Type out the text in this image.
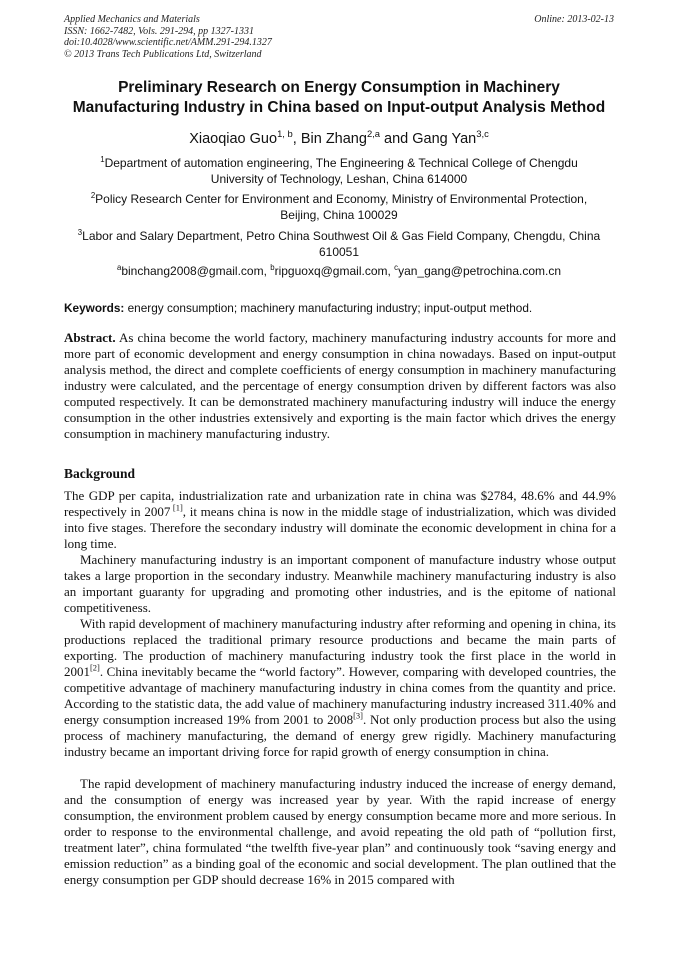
Applied Mechanics and Materials
ISSN: 1662-7482, Vols. 291-294, pp 1327-1331
doi:10.4028/www.scientific.net/AMM.291-294.1327
© 2013 Trans Tech Publications Ltd, Switzerland
Online: 2013-02-13
Preliminary Research on Energy Consumption in Machinery
Manufacturing Industry in China based on Input-output Analysis Method
Xiaoqiao Guo$^{1, b}$, Bin Zhang$^{2,a}$ and Gang Yan$^{3,c}$
$^1$Department of automation engineering, The Engineering & Technical College of Chengdu
University of Technology, Leshan, China 614000
$^2$Policy Research Center for Environment and Economy, Ministry of Environmental Protection,
Beijing, China 100029
$^3$Labor and Salary Department, Petro China Southwest Oil & Gas Field Company, Chengdu, China
610051
$^a$binchang2008@gmail.com, $^b$ripguoxq@gmail.com, $^c$yan_gang@petrochina.com.cn
Keywords: energy consumption; machinery manufacturing industry; input-output method.

Abstract. As china become the world factory, machinery manufacturing industry accounts for more and more part of economic development and energy consumption in china nowadays. Based on input-output analysis method, the direct and complete coefficients of energy consumption in machinery manufacturing industry were calculated, and the percentage of energy consumption driven by different factors was also computed respectively. It can be demonstrated machinery manufacturing industry will induce the energy consumption in the other industries extensively and exporting is the main factor which drives the energy consumption in machinery manufacturing industry.

Background

The GDP per capita, industrialization rate and urbanization rate in china was $2784, 48.6% and 44.9% respectively in 2007 [1], it means china is now in the middle stage of industrialization, which was divided into five stages. Therefore the secondary industry will dominate the economic development in china for a long time.

Machinery manufacturing industry is an important component of manufacture industry whose output takes a large proportion in the secondary industry. Meanwhile machinery manufacturing industry is also an important guaranty for upgrading and promoting other industries, and is the epitome of national competitiveness.

With rapid development of machinery manufacturing industry after reforming and opening in china, its productions replaced the traditional primary resource productions and became the main parts of exporting. The production of machinery manufacturing industry took the first place in the world in 2001[2]. China inevitably became the “world factory”. However, comparing with developed countries, the competitive advantage of machinery manufacturing industry in china comes from the quantity and price. According to the statistic data, the add value of machinery manufacturing industry increased 311.40% and energy consumption increased 19% from 2001 to 2008[3]. Not only production process but also the using process of machinery manufacturing, the demand of energy grew rigidly. Machinery manufacturing industry became an important driving force for rapid growth of energy consumption in china.

The rapid development of machinery manufacturing industry induced the increase of energy demand, and the consumption of energy was increased year by year. With the rapid increase of energy consumption, the environment problem caused by energy consumption became more and more serious. In order to response to the environmental challenge, and avoid repeating the old path of “pollution first, treatment later”, china formulated “the twelfth five-year plan” and continuously took “saving energy and emission reduction” as a binding goal of the economic and social development. The plan outlined that the energy consumption per GDP should decrease 16% in 2015 compared with
